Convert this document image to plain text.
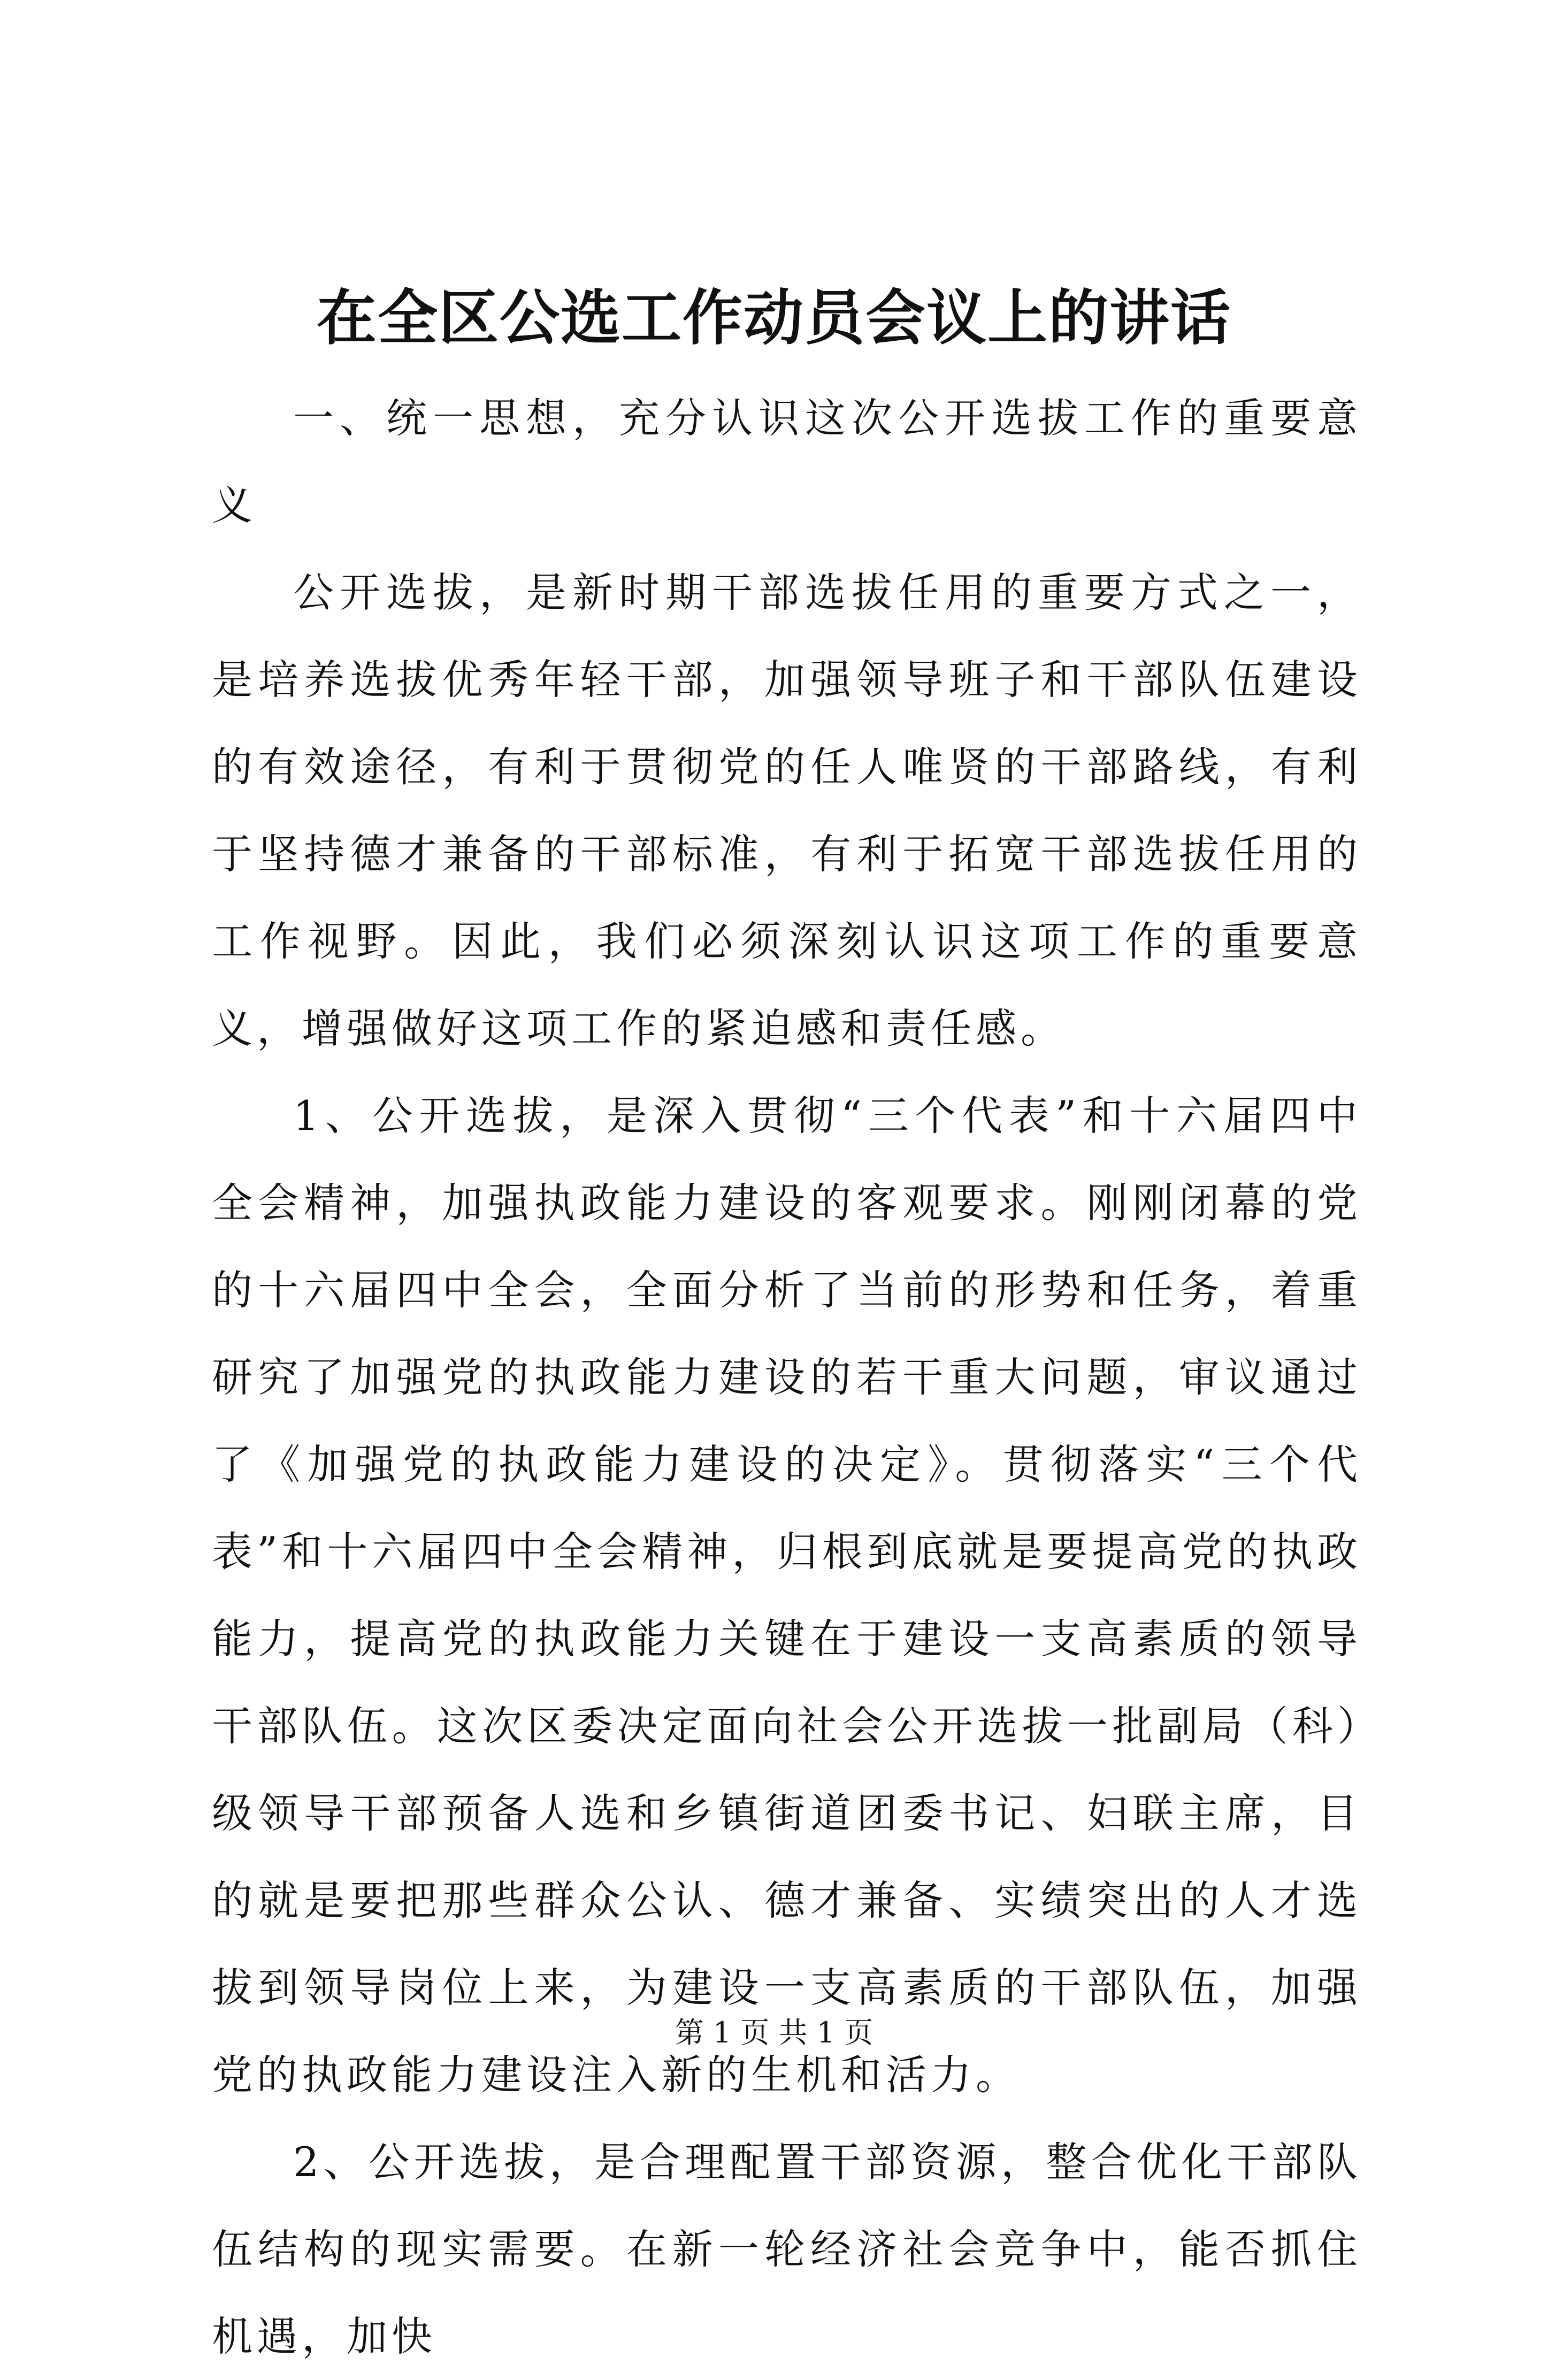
在全区公选工作动员会议上的讲话

一、统一思想，充分认识这次公开选拔工作的重要意义

公开选拔，是新时期干部选拔任用的重要方式之一，是培养选拔优秀年轻干部，加强领导班子和干部队伍建设的有效途径，有利于贯彻党的任人唯贤的干部路线，有利于坚持德才兼备的干部标准，有利于拓宽干部选拔任用的工作视野。因此，我们必须深刻认识这项工作的重要意义，增强做好这项工作的紧迫感和责任感。

1、公开选拔，是深入贯彻“三个代表”和十六届四中全会精神，加强执政能力建设的客观要求。刚刚闭幕的党的十六届四中全会，全面分析了当前的形势和任务，着重研究了加强党的执政能力建设的若干重大问题，审议通过了《加强党的执政能力建设的决定》。贯彻落实“三个代表”和十六届四中全会精神，归根到底就是要提高党的执政能力，提高党的执政能力关键在于建设一支高素质的领导干部队伍。这次区委决定面向社会公开选拔一批副局（科）级领导干部预备人选和乡镇街道团委书记、妇联主席，目的就是要把那些群众公认、德才兼备、实绩突出的人才选拔到领导岗位上来，为建设一支高素质的干部队伍，加强党的执政能力建设注入新的生机和活力。

2、公开选拔，是合理配置干部资源，整合优化干部队伍结构的现实需要。在新一轮经济社会竞争中，能否抓住机遇，加快

第 1 页 共 1 页
